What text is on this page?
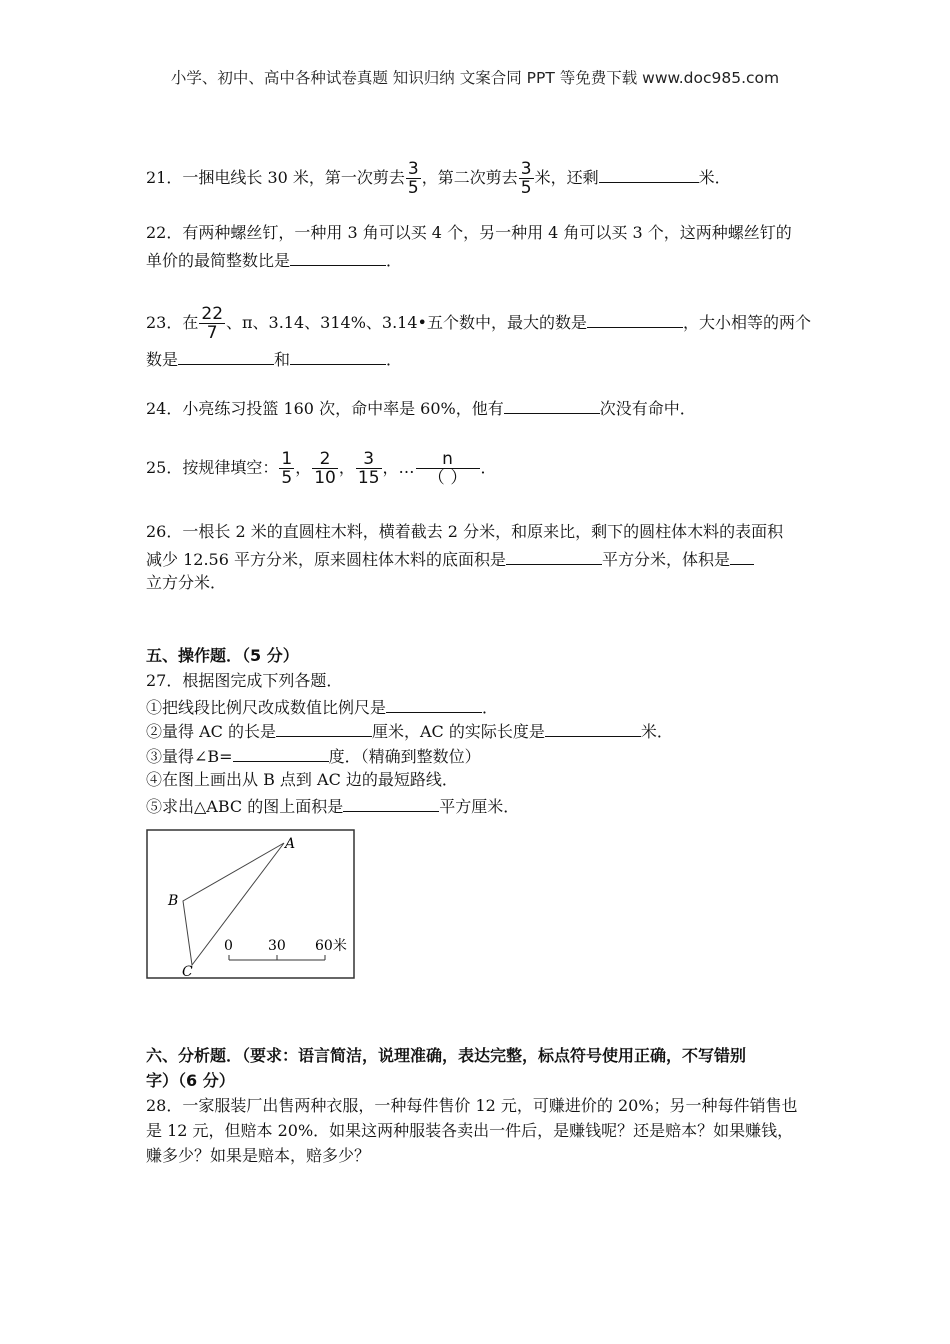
小学、初中、高中各种试卷真题 知识归纳 文案合同 PPT 等免费下载 www.doc985.com
21．一捆电线长 30 米，第一次剪去 $\frac{3}{5}$ ，第二次剪去 $\frac{3}{5}$ 米，还剩	米．
22．有两种螺丝钉，一种用 3 角可以买 4 个，另一种用 4 角可以买 3 个，这两种螺丝钉的
单价的最简整数比是	．
23．在 $\frac{22}{7}$ 、π、3.14、314%、3.14•五个数中，最大的数是	，大小相等的两个
数是	和	．
24．小亮练习投篮 160 次，命中率是 60%，他有	次没有命中．
25．按规律填空： $\frac{1}{5}$ ， $\frac{2}{10}$ ， $\frac{3}{15}$ ，… $\frac{n}{( )}$ ．
26．一根长 2 米的直圆柱木料，横着截去 2 分米，和原来比，剩下的圆柱体木料的表面积
减少 12.56 平方分米，原来圆柱体木料的底面积是	平方分米，体积是
立方分米．
五、操作题．（5 分）
27．根据图完成下列各题．
①把线段比例尺改成数值比例尺是	．
②量得 AC 的长是	厘米，AC 的实际长度是	米．
③量得∠B=	度．（精确到整数位）
④在图上画出从 B 点到 AC 边的最短路线．
⑤求出△ABC 的图上面积是	平方厘米．
A
B
C
0	30 60米
六、分析题．（要求：语言简洁，说理准确，表达完整，标点符号使用正确，不写错别
字）（6 分）
28．一家服装厂出售两种衣服，一种每件售价 12 元，可赚进价的 20%；另一种每件销售也
是 12 元，但赔本 20%．如果这两种服装各卖出一件后，是赚钱呢？还是赔本？如果赚钱，
赚多少？如果是赔本，赔多少？
